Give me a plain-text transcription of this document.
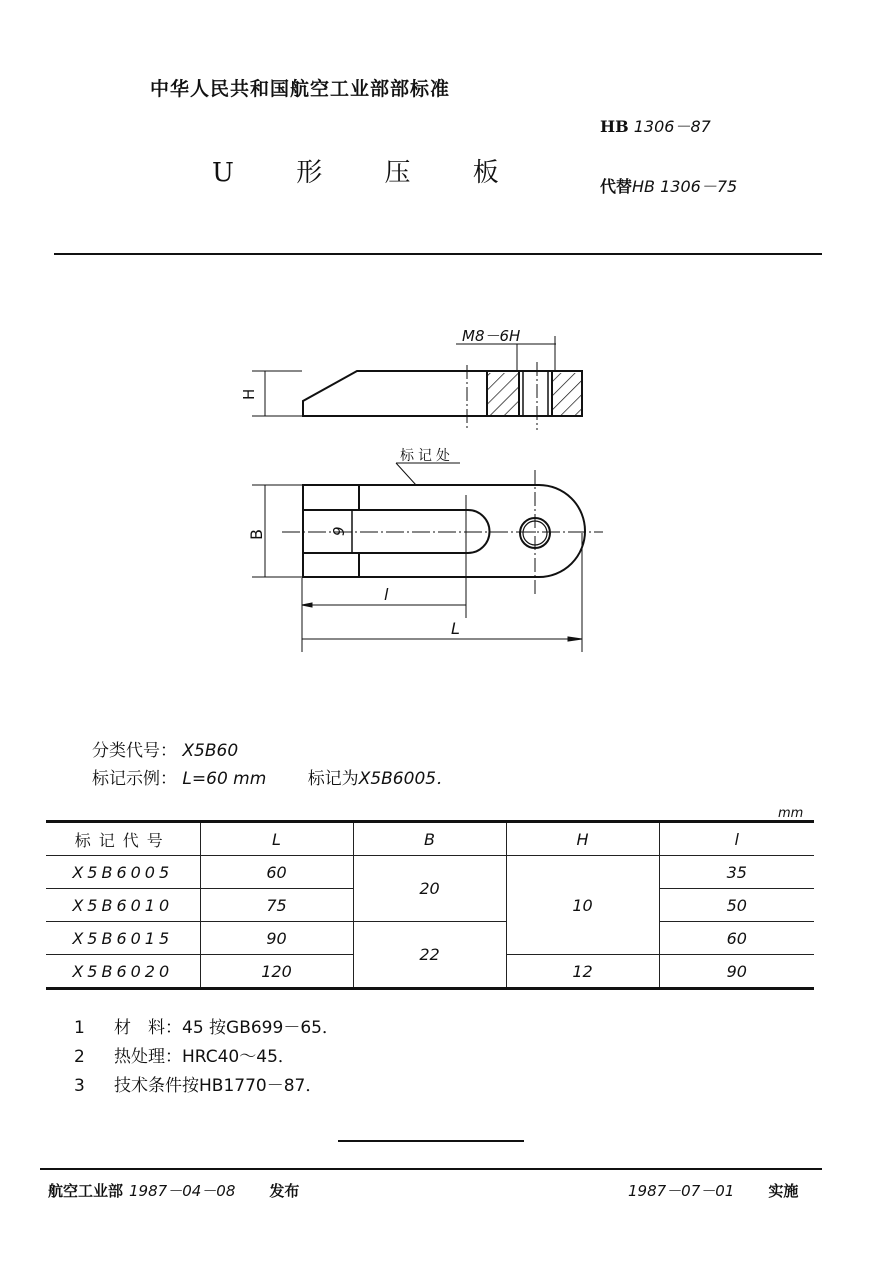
中华人民共和国航空工业部部标准
HB 1306－87
U 形 压 板	代替HB 1306－75
M8－6H
H
标记处
B	9
l
L
分类代号： X5B60
标记示例： L=60 mm 标记为X5B6005．
mm
标记代号	L	B	H	l
X5B6005	60	20	10	35
X5B6010	75			50
X5B6015	90	22		60
X5B6020	120		12	90
1 材　料：45 按GB699－65．
2 热处理：HRC40～45．
3 技术条件按HB1770－87．
航空工业部 1987－04－08 发布	1987－07－01 实施
